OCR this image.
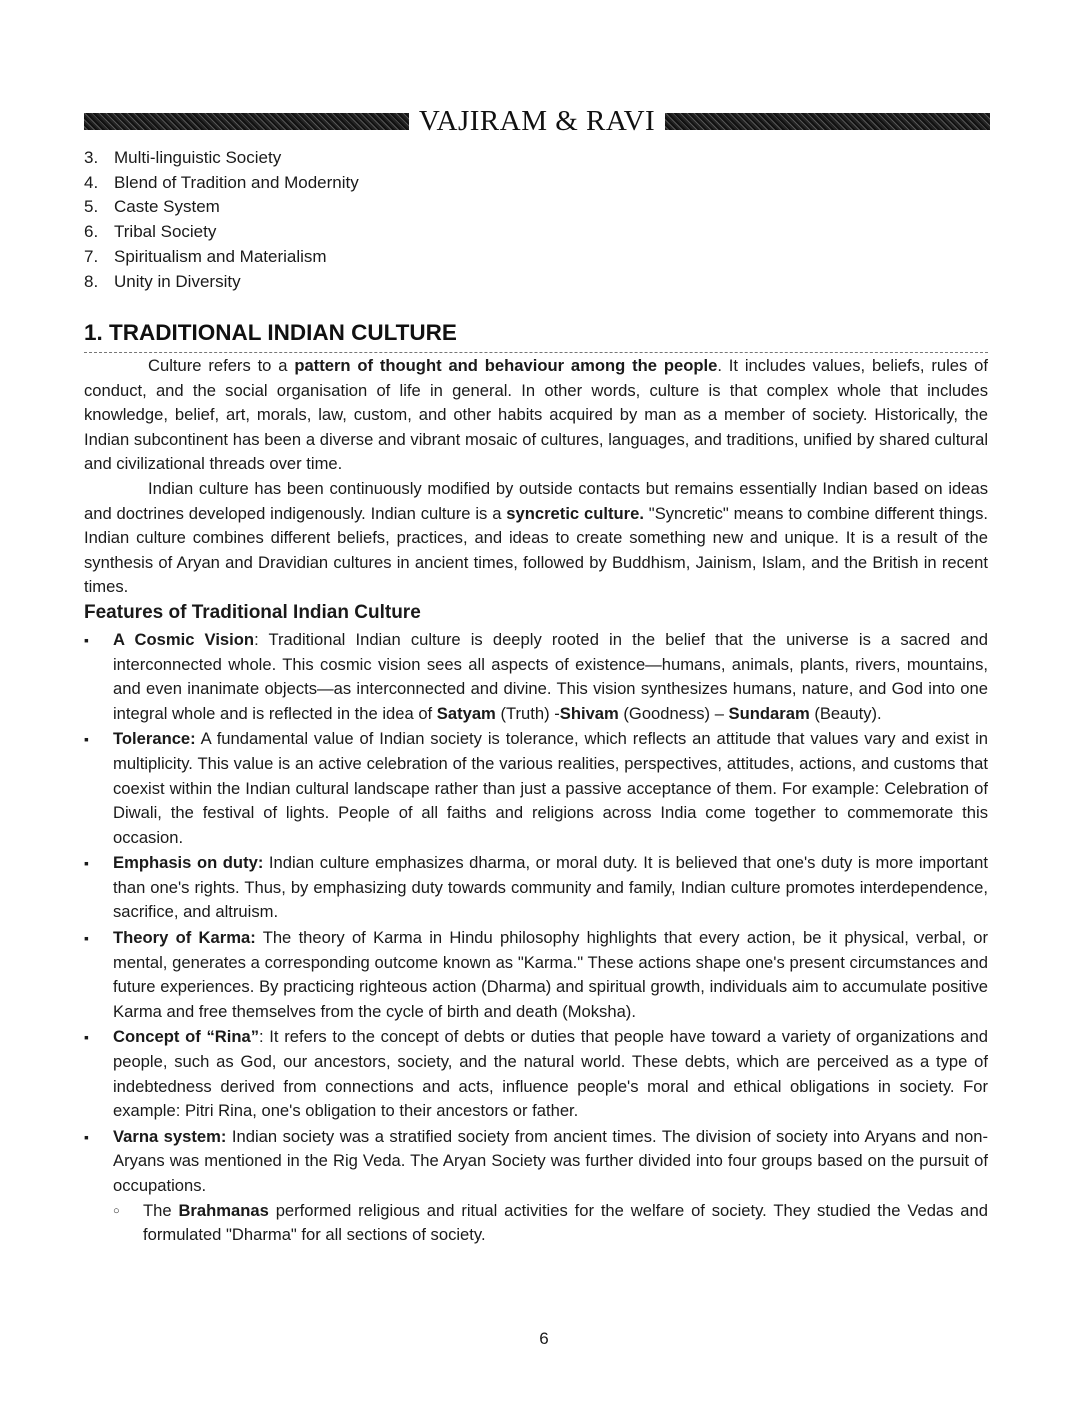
VAJIRAM & RAVI
3. Multi-linguistic Society
4. Blend of Tradition and Modernity
5. Caste System
6. Tribal Society
7. Spiritualism and Materialism
8. Unity in Diversity
1. TRADITIONAL INDIAN CULTURE

Culture refers to a pattern of thought and behaviour among the people. It includes values, beliefs, rules of conduct, and the social organisation of life in general. In other words, culture is that complex whole that includes knowledge, belief, art, morals, law, custom, and other habits acquired by man as a member of society. Historically, the Indian subcontinent has been a diverse and vibrant mosaic of cultures, languages, and traditions, unified by shared cultural and civilizational threads over time.

Indian culture has been continuously modified by outside contacts but remains essentially Indian based on ideas and doctrines developed indigenously. Indian culture is a syncretic culture. "Syncretic" means to combine different things. Indian culture combines different beliefs, practices, and ideas to create something new and unique. It is a result of the synthesis of Aryan and Dravidian cultures in ancient times, followed by Buddhism, Jainism, Islam, and the British in recent times.

Features of Traditional Indian Culture
▪ A Cosmic Vision: Traditional Indian culture is deeply rooted in the belief that the universe is a sacred and interconnected whole. This cosmic vision sees all aspects of existence—humans, animals, plants, rivers, mountains, and even inanimate objects—as interconnected and divine. This vision synthesizes humans, nature, and God into one integral whole and is reflected in the idea of Satyam (Truth) -Shivam (Goodness) – Sundaram (Beauty).
▪ Tolerance: A fundamental value of Indian society is tolerance, which reflects an attitude that values vary and exist in multiplicity. This value is an active celebration of the various realities, perspectives, attitudes, actions, and customs that coexist within the Indian cultural landscape rather than just a passive acceptance of them. For example: Celebration of Diwali, the festival of lights. People of all faiths and religions across India come together to commemorate this occasion.
▪ Emphasis on duty: Indian culture emphasizes dharma, or moral duty. It is believed that one's duty is more important than one's rights. Thus, by emphasizing duty towards community and family, Indian culture promotes interdependence, sacrifice, and altruism.
▪ Theory of Karma: The theory of Karma in Hindu philosophy highlights that every action, be it physical, verbal, or mental, generates a corresponding outcome known as "Karma." These actions shape one's present circumstances and future experiences. By practicing righteous action (Dharma) and spiritual growth, individuals aim to accumulate positive Karma and free themselves from the cycle of birth and death (Moksha).
▪ Concept of “Rina”: It refers to the concept of debts or duties that people have toward a variety of organizations and people, such as God, our ancestors, society, and the natural world. These debts, which are perceived as a type of indebtedness derived from connections and acts, influence people's moral and ethical obligations in society. For example: Pitri Rina, one's obligation to their ancestors or father.
▪ Varna system: Indian society was a stratified society from ancient times. The division of society into Aryans and non-Aryans was mentioned in the Rig Veda. The Aryan Society was further divided into four groups based on the pursuit of occupations.
○ The Brahmanas performed religious and ritual activities for the welfare of society. They studied the Vedas and formulated "Dharma" for all sections of society.
6
